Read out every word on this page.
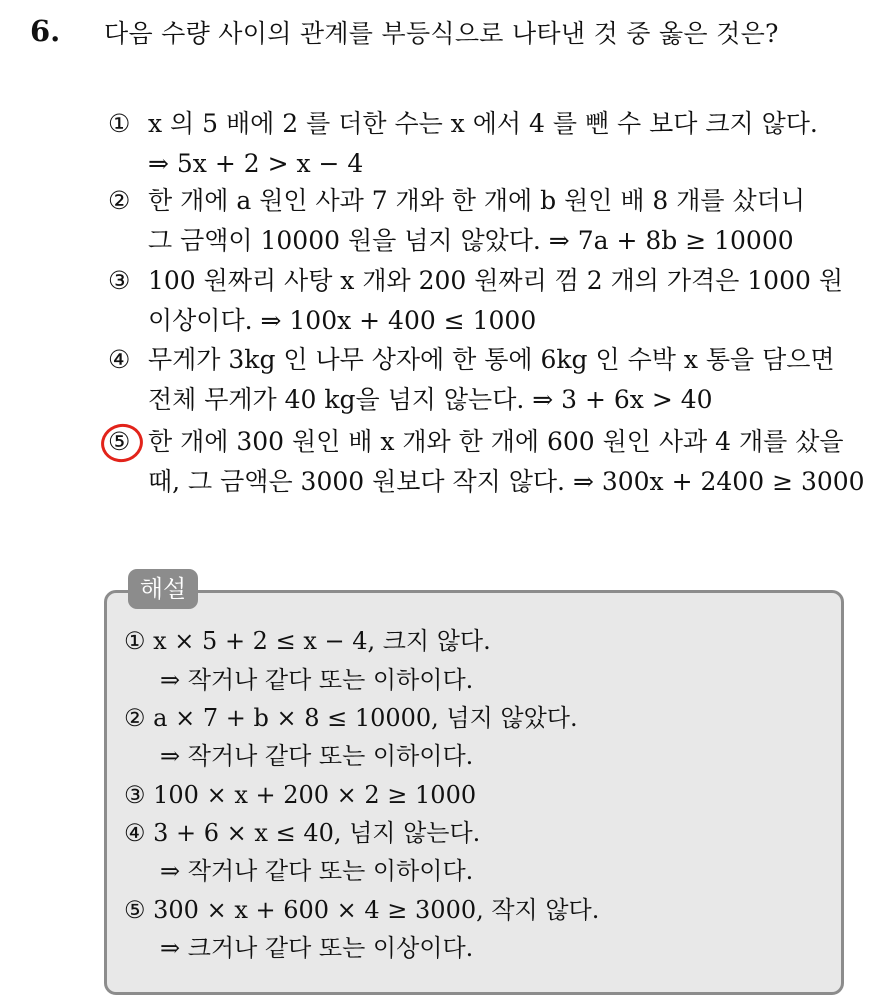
6. 다음 수량 사이의 관계를 부등식으로 나타낸 것 중 옳은 것은?
① x 의 5 배에 2 를 더한 수는 x 에서 4 를 뺀 수 보다 크지 않다.
⇒ 5x + 2 > x − 4
② 한 개에 a 원인 사과 7 개와 한 개에 b 원인 배 8 개를 샀더니
그 금액이 10000 원을 넘지 않았다. ⇒ 7a + 8b ≥ 10000
③ 100 원짜리 사탕 x 개와 200 원짜리 껌 2 개의 가격은 1000 원
이상이다. ⇒ 100x + 400 ≤ 1000
④ 무게가 3kg 인 나무 상자에 한 통에 6kg 인 수박 x 통을 담으면
전체 무게가 40 kg을 넘지 않는다. ⇒ 3 + 6x > 40
⑤ 한 개에 300 원인 배 x 개와 한 개에 600 원인 사과 4 개를 샀을
때, 그 금액은 3000 원보다 작지 않다. ⇒ 300x + 2400 ≥ 3000
해설
① x × 5 + 2 ≤ x − 4, 크지 않다.
⇒ 작거나 같다 또는 이하이다.
② a × 7 + b × 8 ≤ 10000, 넘지 않았다.
⇒ 작거나 같다 또는 이하이다.
③ 100 × x + 200 × 2 ≥ 1000
④ 3 + 6 × x ≤ 40, 넘지 않는다.
⇒ 작거나 같다 또는 이하이다.
⑤ 300 × x + 600 × 4 ≥ 3000, 작지 않다.
⇒ 크거나 같다 또는 이상이다.
